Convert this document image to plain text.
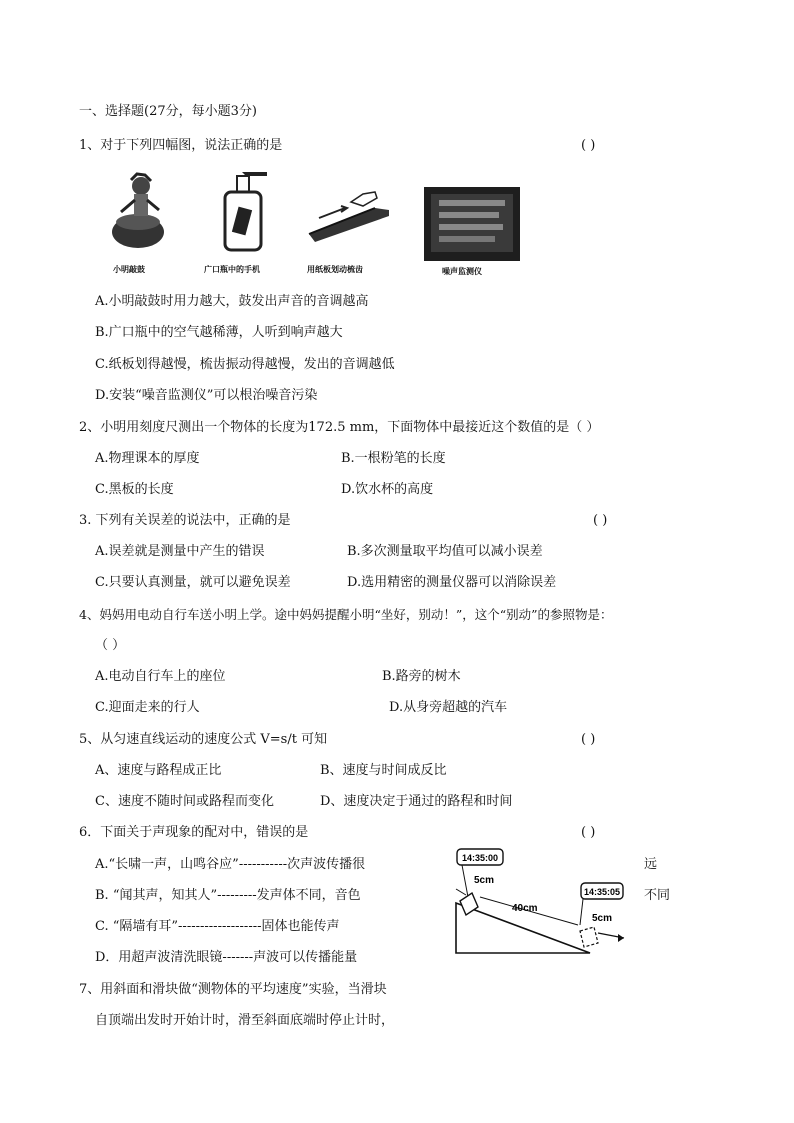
一、选择题(27分，每小题3分)
1、对于下列四幅图，说法正确的是	( )
小明敲鼓	广口瓶中的手机	用纸板划动梳齿	噪声监测仪
A.小明敲鼓时用力越大，鼓发出声音的音调越高
B.广口瓶中的空气越稀薄，人听到响声越大
C.纸板划得越慢，梳齿振动得越慢，发出的音调越低
D.安装“噪音监测仪”可以根治噪音污染
2、小明用刻度尺测出一个物体的长度为172.5 mm，下面物体中最接近这个数值的是（ ）
A.物理课本的厚度	B.一根粉笔的长度
C.黑板的长度	D.饮水杯的高度
3. 下列有关误差的说法中，正确的是	( )
A.误差就是测量中产生的错误	B.多次测量取平均值可以减小误差
C.只要认真测量，就可以避免误差	D.选用精密的测量仪器可以消除误差
4、妈妈用电动自行车送小明上学。途中妈妈提醒小明“坐好，别动！”，这个“别动”的参照物是：
（ ）
A.电动自行车上的座位	B.路旁的树木
C.迎面走来的行人	D.从身旁超越的汽车
5、从匀速直线运动的速度公式 V=s/t 可知	( )
A、速度与路程成正比	B、速度与时间成反比
C、速度不随时间或路程而变化	D、速度决定于通过的路程和时间
6．下面关于声现象的配对中，错误的是	( )
A.“长啸一声，山鸣谷应”-----------次声波传播很	远
B. “闻其声，知其人”---------发声体不同，音色	不同
C. “隔墙有耳”-------------------固体也能传声
D．用超声波清洗眼镜-------声波可以传播能量
14:35:00
14:35:05
5cm
40cm
5cm
7、用斜面和滑块做“测物体的平均速度”实验，当滑块
自顶端出发时开始计时，滑至斜面底端时停止计时，
